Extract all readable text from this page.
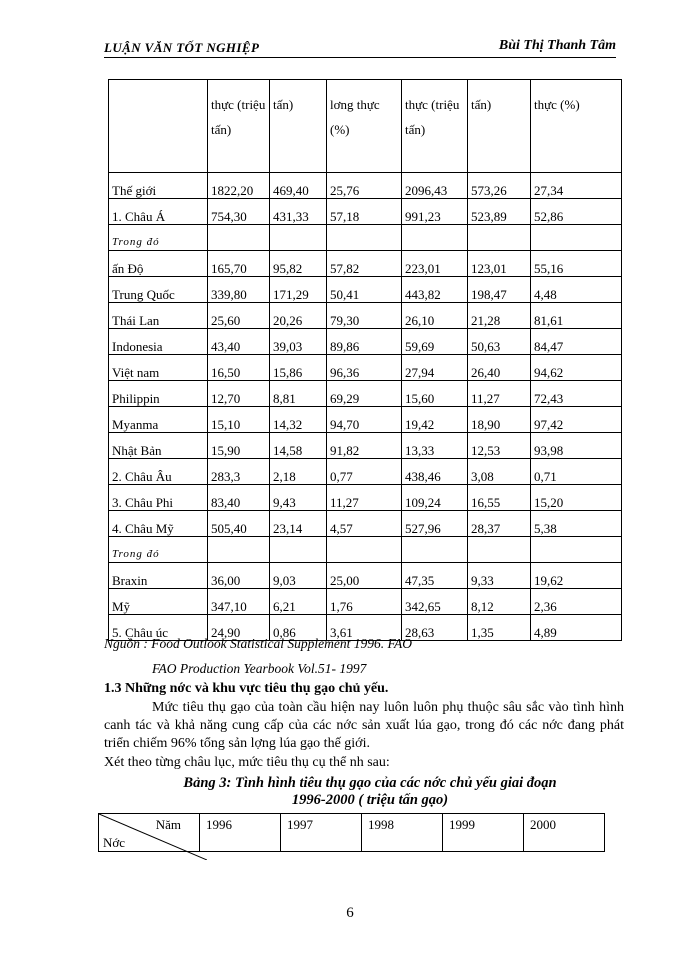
LUẬN VĂN TỐT NGHIỆP	Bùi Thị Thanh Tâm
	thực (triệu tấn)	tấn)	lơng thực (%)	thực (triệu tấn)	tấn)	thực (%)
Thế giới	1822,20	469,40	25,76	2096,43	573,26	27,34
1. Châu Á	754,30	431,33	57,18	991,23	523,89	52,86
Trong đó						
ấn Độ	165,70	95,82	57,82	223,01	123,01	55,16
Trung Quốc	339,80	171,29	50,41	443,82	198,47	4,48
Thái Lan	25,60	20,26	79,30	26,10	21,28	81,61
Indonesia	43,40	39,03	89,86	59,69	50,63	84,47
Việt nam	16,50	15,86	96,36	27,94	26,40	94,62
Philippin	12,70	8,81	69,29	15,60	11,27	72,43
Myanma	15,10	14,32	94,70	19,42	18,90	97,42
Nhật Bản	15,90	14,58	91,82	13,33	12,53	93,98
2. Châu Âu	283,3	2,18	0,77	438,46	3,08	0,71
3. Châu Phi	83,40	9,43	11,27	109,24	16,55	15,20
4. Châu Mỹ	505,40	23,14	4,57	527,96	28,37	5,38
Trong đó						
Braxin	36,00	9,03	25,00	47,35	9,33	19,62
Mỹ	347,10	6,21	1,76	342,65	8,12	2,36
5. Châu úc	24,90	0,86	3,61	28,63	1,35	4,89
Nguồn : Food Outlook Statistical Supplement 1996. FAO
FAO Production Yearbook Vol.51- 1997
1.3 Những nớc và khu vực tiêu thụ gạo chủ yếu.
Mức tiêu thụ gạo của toàn cầu hiện nay luôn luôn phụ thuộc sâu sắc vào tình hình canh tác và khả năng cung cấp của các nớc sản xuất lúa gạo, trong đó các nớc đang phát triển chiếm 96% tổng sản lợng lúa gạo thế giới.
Xét theo từng châu lục, mức tiêu thụ cụ thể nh sau:
Bảng 3: Tình hình tiêu thụ gạo của các nớc chủ yếu giai đoạn
1996-2000 ( triệu tấn gạo)
Năm
Nớc
	1996	1997	1998	1999	2000
6
